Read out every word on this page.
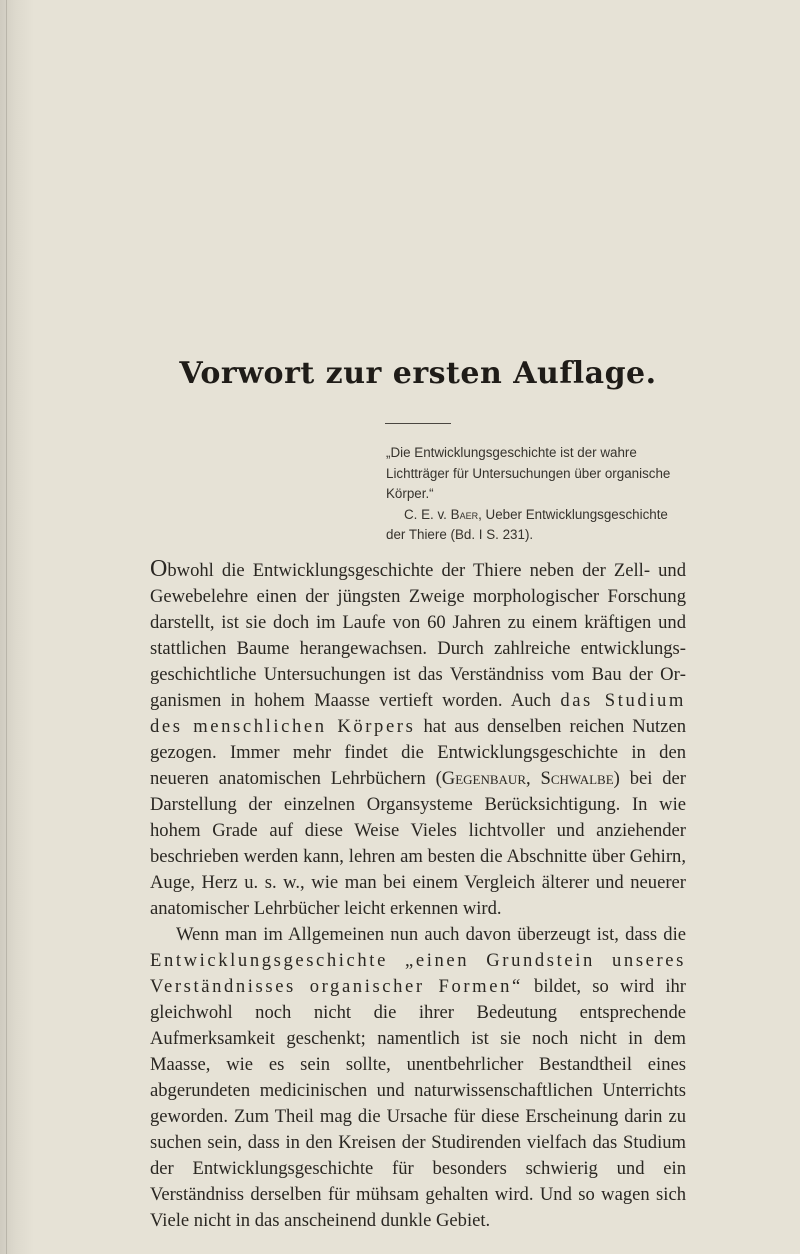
Vorwort zur ersten Auflage.

„Die Entwicklungsgeschichte ist der wahre Lichtträger für Untersuchungen über organische Körper.“

C. E. v. Baer, Ueber Entwicklungsgeschichte der Thiere (Bd. I S. 231).

Obwohl die Entwicklungsgeschichte der Thiere neben der Zell- und Gewebelehre einen der jüngsten Zweige morphologischer Forschung darstellt, ist sie doch im Laufe von 60 Jahren zu einem kräftigen und stattlichen Baume herangewachsen. Durch zahlreiche entwicklungsgeschichtliche Untersuchungen ist das Verständniss vom Bau der Organismen in hohem Maasse vertieft worden. Auch das Studium des menschlichen Körpers hat aus denselben reichen Nutzen gezogen. Immer mehr findet die Entwicklungsgeschichte in den neueren anatomischen Lehrbüchern (Gegenbaur, Schwalbe) bei der Darstellung der einzelnen Organsysteme Berücksichtigung. In wie hohem Grade auf diese Weise Vieles lichtvoller und anziehender beschrieben werden kann, lehren am besten die Abschnitte über Gehirn, Auge, Herz u. s. w., wie man bei einem Vergleich älterer und neuerer anatomischer Lehrbücher leicht erkennen wird.

Wenn man im Allgemeinen nun auch davon überzeugt ist, dass die Entwicklungsgeschichte „einen Grundstein unseres Verständnisses organischer Formen“ bildet, so wird ihr gleichwohl noch nicht die ihrer Bedeutung entsprechende Aufmerksamkeit geschenkt; namentlich ist sie noch nicht in dem Maasse, wie es sein sollte, unentbehrlicher Bestandtheil eines abgerundeten medicinischen und naturwissenschaftlichen Unterrichts geworden. Zum Theil mag die Ursache für diese Erscheinung darin zu suchen sein, dass in den Kreisen der Studirenden vielfach das Studium der Entwicklungsgeschichte für besonders schwierig und ein Verständniss derselben für mühsam gehalten wird. Und so wagen sich Viele nicht in das anscheinend dunkle Gebiet.
